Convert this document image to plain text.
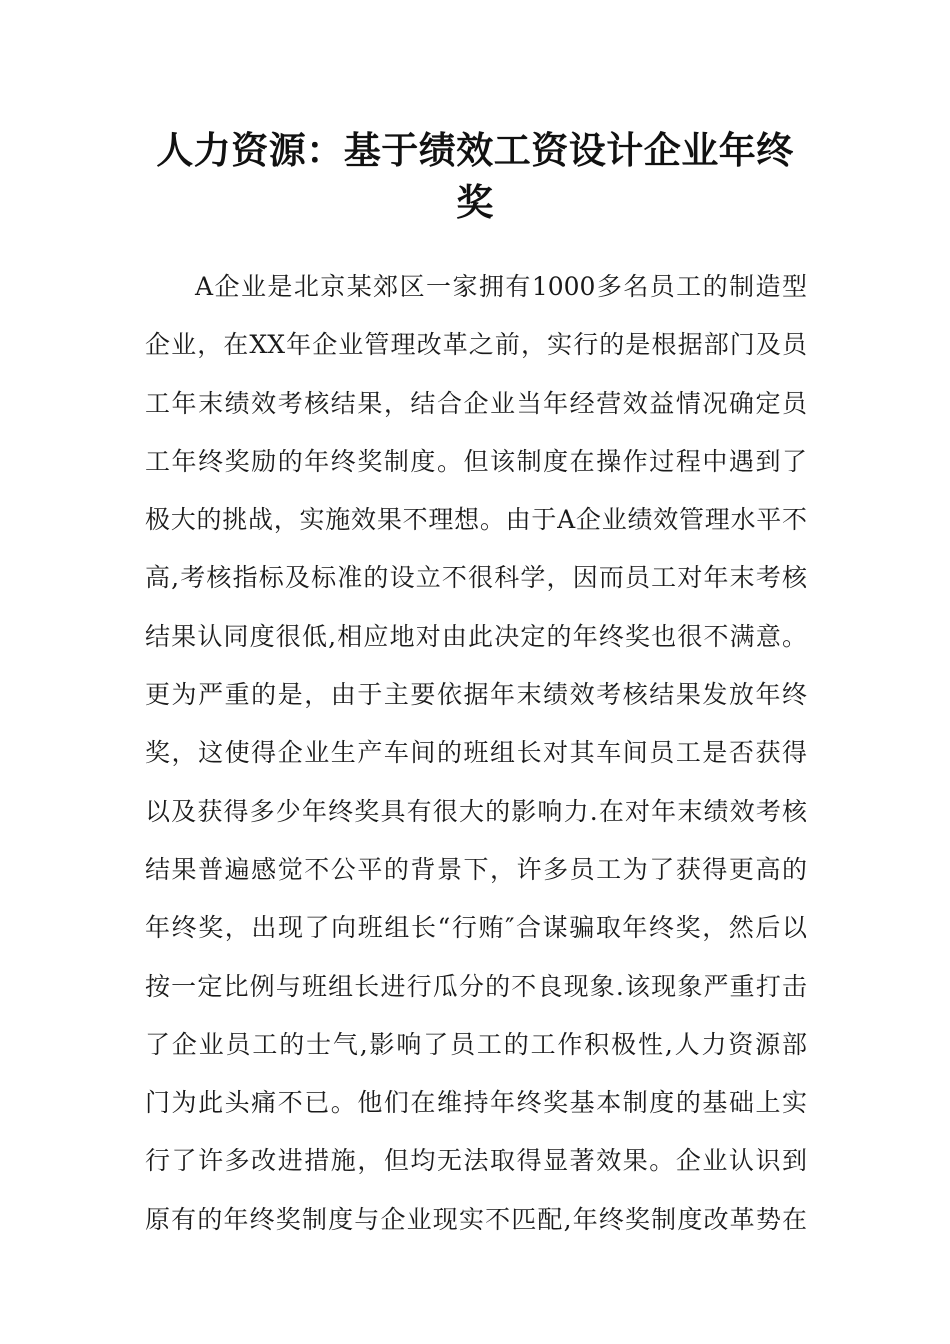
人力资源：基于绩效工资设计企业年终奖
A企业是北京某郊区一家拥有1000多名员工的制造型
企业，在XX年企业管理改革之前，实行的是根据部门及员
工年末绩效考核结果，结合企业当年经营效益情况确定员
工年终奖励的年终奖制度。但该制度在操作过程中遇到了
极大的挑战，实施效果不理想。由于A企业绩效管理水平不
高,考核指标及标准的设立不很科学，因而员工对年末考核
结果认同度很低,相应地对由此决定的年终奖也很不满意。
更为严重的是，由于主要依据年末绩效考核结果发放年终
奖，这使得企业生产车间的班组长对其车间员工是否获得
以及获得多少年终奖具有很大的影响力.在对年末绩效考核
结果普遍感觉不公平的背景下，许多员工为了获得更高的
年终奖，出现了向班组长“行贿″合谋骗取年终奖，然后以
按一定比例与班组长进行瓜分的不良现象.该现象严重打击
了企业员工的士气,影响了员工的工作积极性,人力资源部
门为此头痛不已。他们在维持年终奖基本制度的基础上实
行了许多改进措施，但均无法取得显著效果。企业认识到
原有的年终奖制度与企业现实不匹配,年终奖制度改革势在
